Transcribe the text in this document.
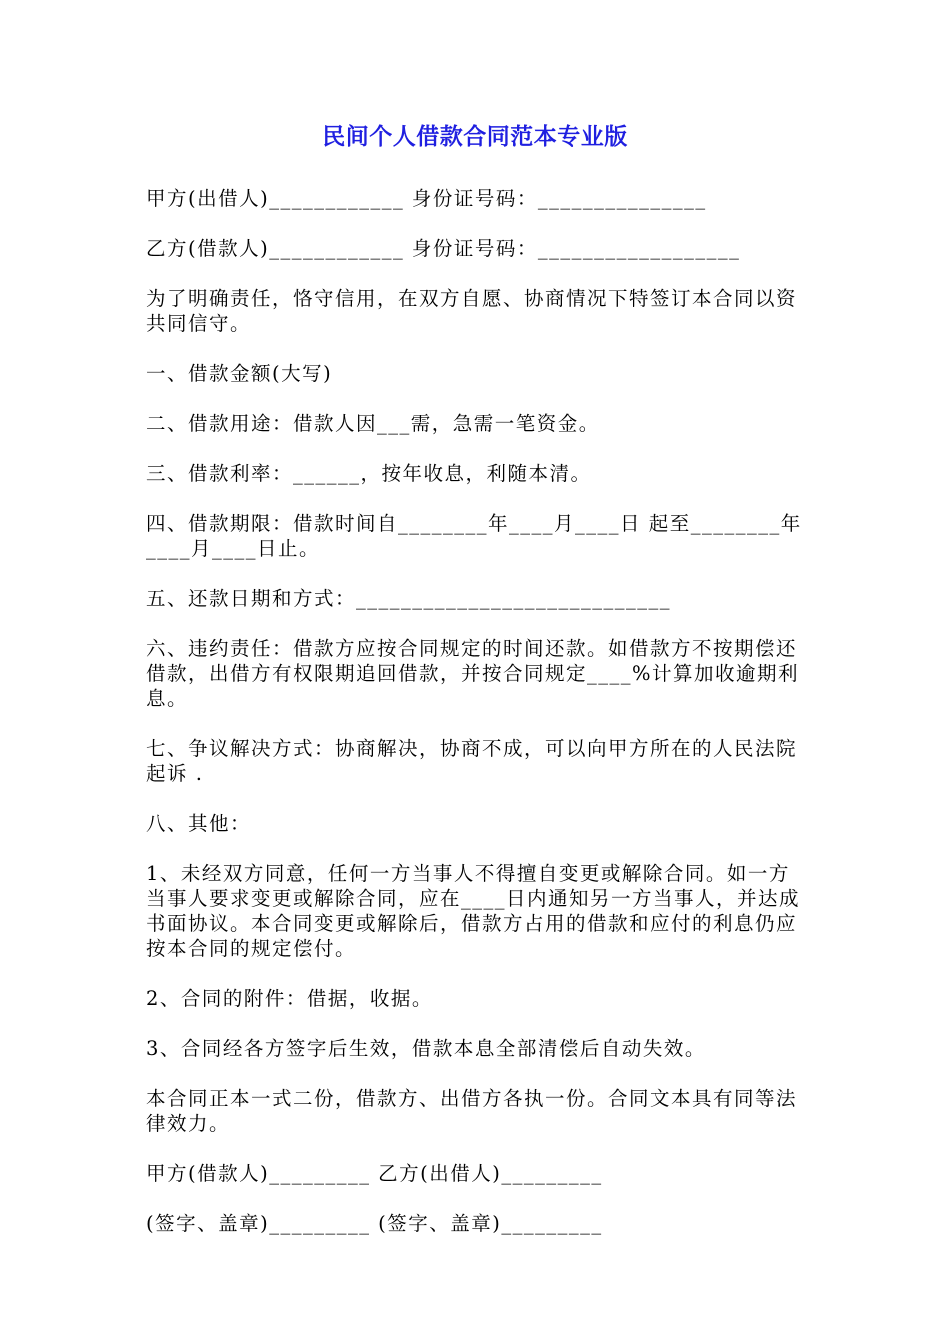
民间个人借款合同范本专业版

甲方(出借人)____________ 身份证号码：_______________

乙方(借款人)____________ 身份证号码：__________________

为了明确责任，恪守信用，在双方自愿、协商情况下特签订本合同以资共同信守。

一、借款金额(大写)

二、借款用途：借款人因___需，急需一笔资金。

三、借款利率：______，按年收息，利随本清。

四、借款期限：借款时间自________年____月____日 起至________年____月____日止。

五、还款日期和方式：____________________________

六、违约责任：借款方应按合同规定的时间还款。如借款方不按期偿还借款，出借方有权限期追回借款，并按合同规定____%计算加收逾期利息。

七、争议解决方式：协商解决，协商不成，可以向甲方所在的人民法院起诉 .

八、其他：

1、未经双方同意，任何一方当事人不得擅自变更或解除合同。如一方当事人要求变更或解除合同，应在____日内通知另一方当事人，并达成书面协议。本合同变更或解除后，借款方占用的借款和应付的利息仍应按本合同的规定偿付。

2、合同的附件：借据，收据。

3、合同经各方签字后生效，借款本息全部清偿后自动失效。

本合同正本一式二份，借款方、出借方各执一份。合同文本具有同等法律效力。

甲方(借款人)_________ 乙方(出借人)_________

(签字、盖章)_________ (签字、盖章)_________
